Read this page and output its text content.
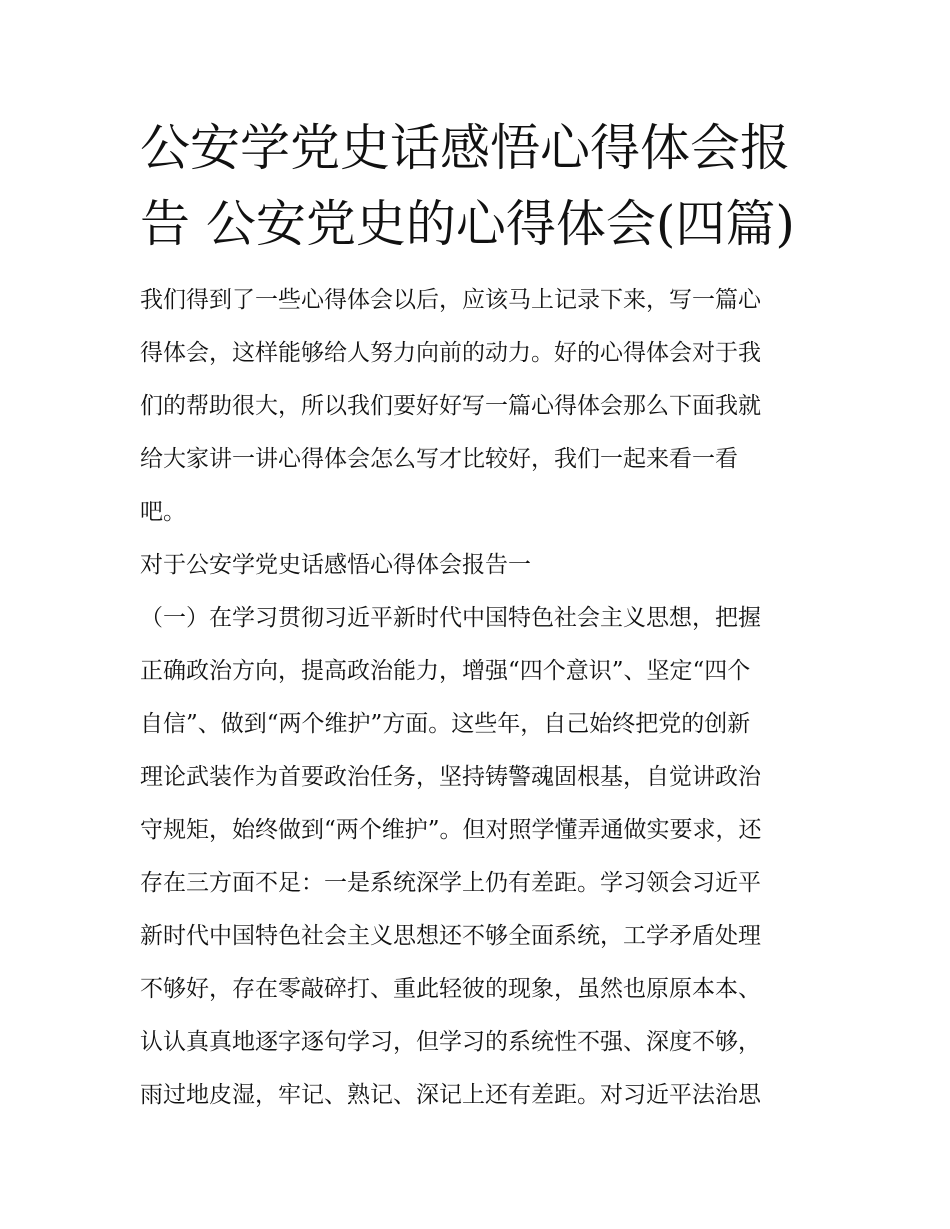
公安学党史话感悟心得体会报
告 公安党史的心得体会(四篇)
我们得到了一些心得体会以后，应该马上记录下来，写一篇心
得体会，这样能够给人努力向前的动力。好的心得体会对于我
们的帮助很大，所以我们要好好写一篇心得体会那么下面我就
给大家讲一讲心得体会怎么写才比较好，我们一起来看一看
吧。
对于公安学党史话感悟心得体会报告一
（一）在学习贯彻习近平新时代中国特色社会主义思想，把握
正确政治方向，提高政治能力，增强“四个意识”、坚定“四个
自信”、做到“两个维护”方面。这些年，自己始终把党的创新
理论武装作为首要政治任务，坚持铸警魂固根基，自觉讲政治
守规矩，始终做到“两个维护”。但对照学懂弄通做实要求，还
存在三方面不足：一是系统深学上仍有差距。学习领会习近平
新时代中国特色社会主义思想还不够全面系统，工学矛盾处理
不够好，存在零敲碎打、重此轻彼的现象，虽然也原原本本、
认认真真地逐字逐句学习，但学习的系统性不强、深度不够，
雨过地皮湿，牢记、熟记、深记上还有差距。对习近平法治思
